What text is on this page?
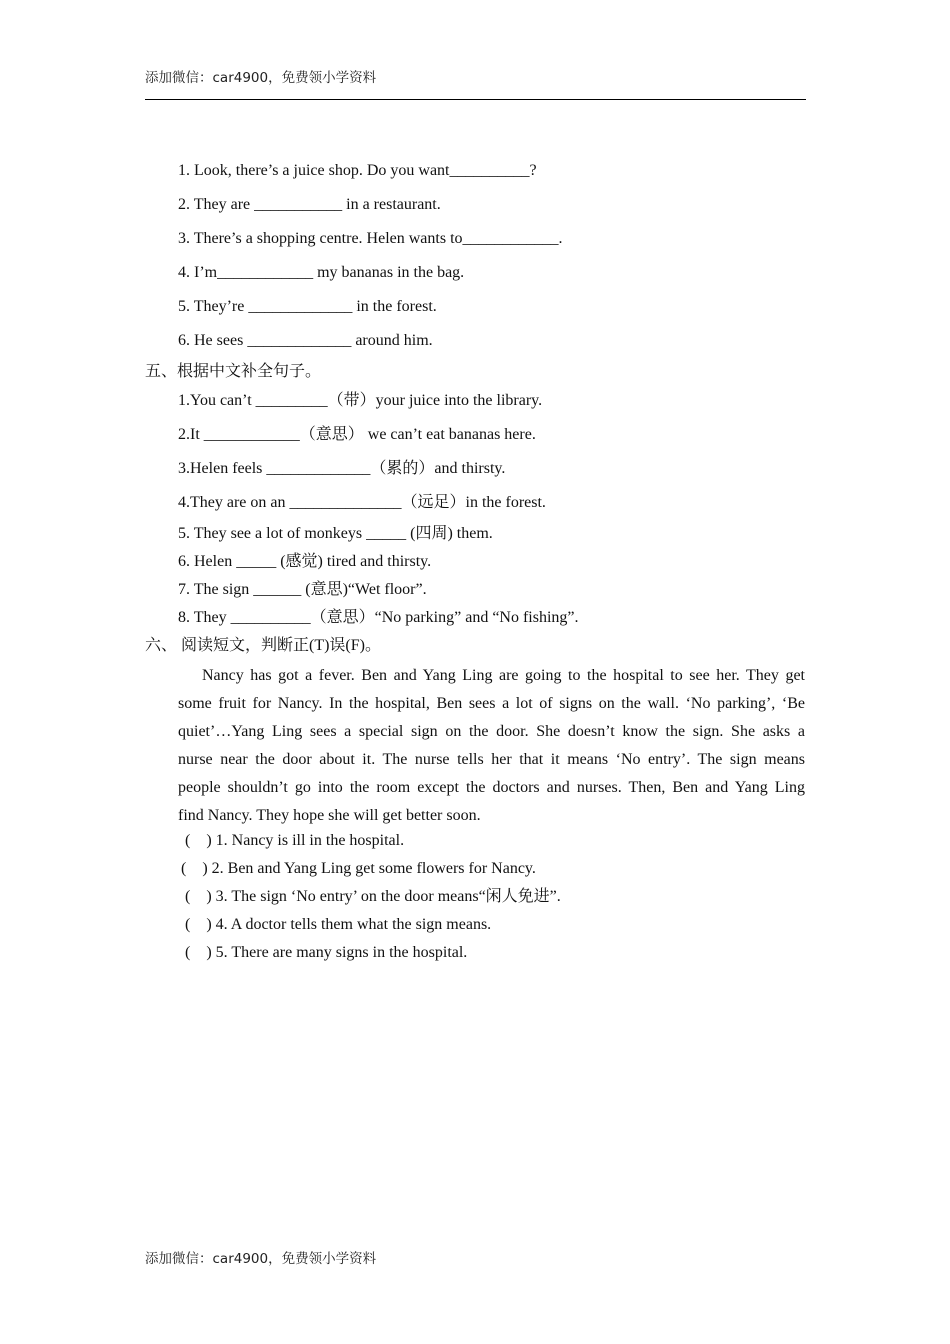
添加微信：car4900，免费领小学资料
1. Look, there’s a juice shop. Do you want__________?
2. They are ___________ in a restaurant.
3. There’s a shopping centre. Helen wants to____________.
4. I’m____________ my bananas in the bag.
5. They’re _____________ in the forest.
6. He sees _____________ around him.
五、根据中文补全句子。
1.You can’t _________（带）your juice into the library.
2.It ____________（意思） we can’t eat bananas here.
3.Helen feels _____________（累的）and thirsty.
4.They are on an ______________（远足）in the forest.
5. They see a lot of monkeys _____ (四周) them.
6. Helen _____ (感觉) tired and thirsty.
7. The sign ______ (意思)“Wet floor”.
8. They __________（意思）“No parking” and “No fishing”.
六、 阅读短文，判断正(T)误(F)。
Nancy has got a fever. Ben and Yang Ling are going to the hospital to see her. They get
some fruit for Nancy. In the hospital, Ben sees a lot of signs on the wall. ‘No parking’, ‘Be
quiet’…Yang Ling sees a special sign on the door. She doesn’t know the sign. She asks a
nurse near the door about it. The nurse tells her that it means ‘No entry’. The sign means
people shouldn’t go into the room except the doctors and nurses. Then, Ben and Yang Ling
find Nancy. They hope she will get better soon.
(    ) 1. Nancy is ill in the hospital.
(    ) 2. Ben and Yang Ling get some flowers for Nancy.
(    ) 3. The sign ‘No entry’ on the door means“闲人免进”.
(    ) 4. A doctor tells them what the sign means.
(    ) 5. There are many signs in the hospital.
添加微信：car4900，免费领小学资料
